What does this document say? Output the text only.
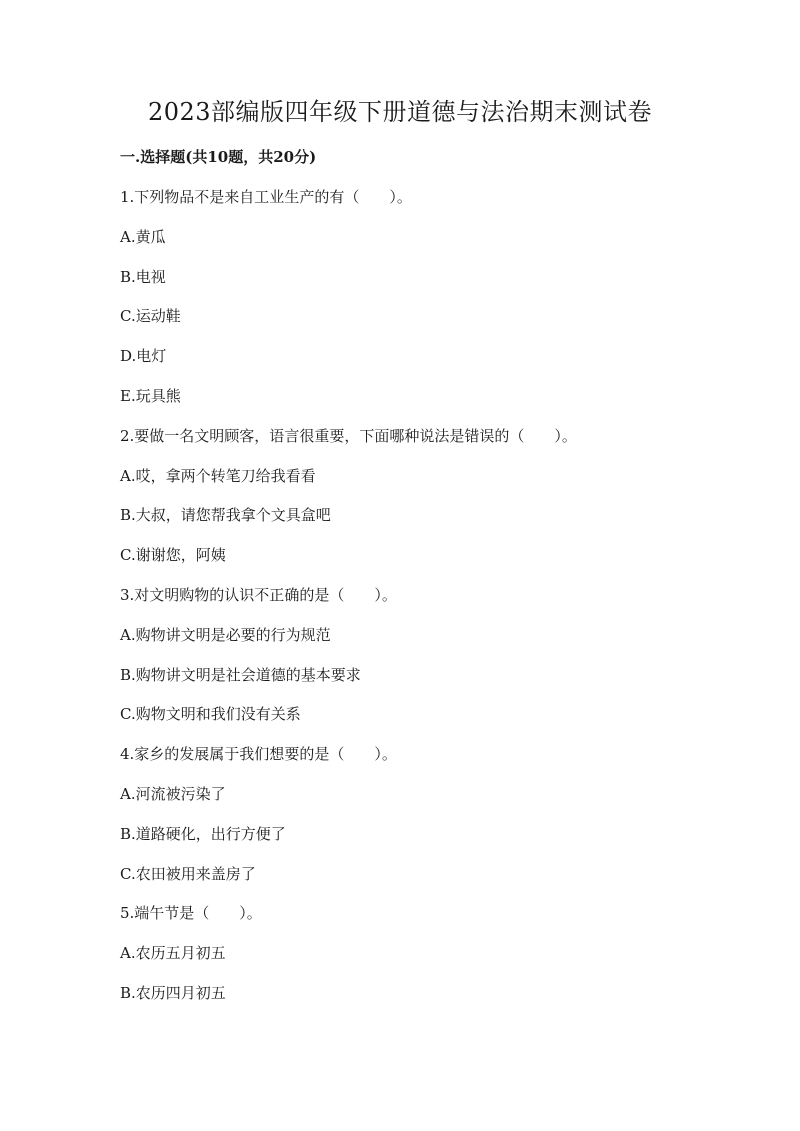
2023部编版四年级下册道德与法治期末测试卷
一.选择题(共10题，共20分)
1.下列物品不是来自工业生产的有（　　）。
A.黄瓜
B.电视
C.运动鞋
D.电灯
E.玩具熊
2.要做一名文明顾客，语言很重要，下面哪种说法是错误的（　　）。
A.哎，拿两个转笔刀给我看看
B.大叔，请您帮我拿个文具盒吧
C.谢谢您，阿姨
3.对文明购物的认识不正确的是（　　）。
A.购物讲文明是必要的行为规范
B.购物讲文明是社会道德的基本要求
C.购物文明和我们没有关系
4.家乡的发展属于我们想要的是（　　）。
A.河流被污染了
B.道路硬化，出行方便了
C.农田被用来盖房了
5.端午节是（　　）。
A.农历五月初五
B.农历四月初五
